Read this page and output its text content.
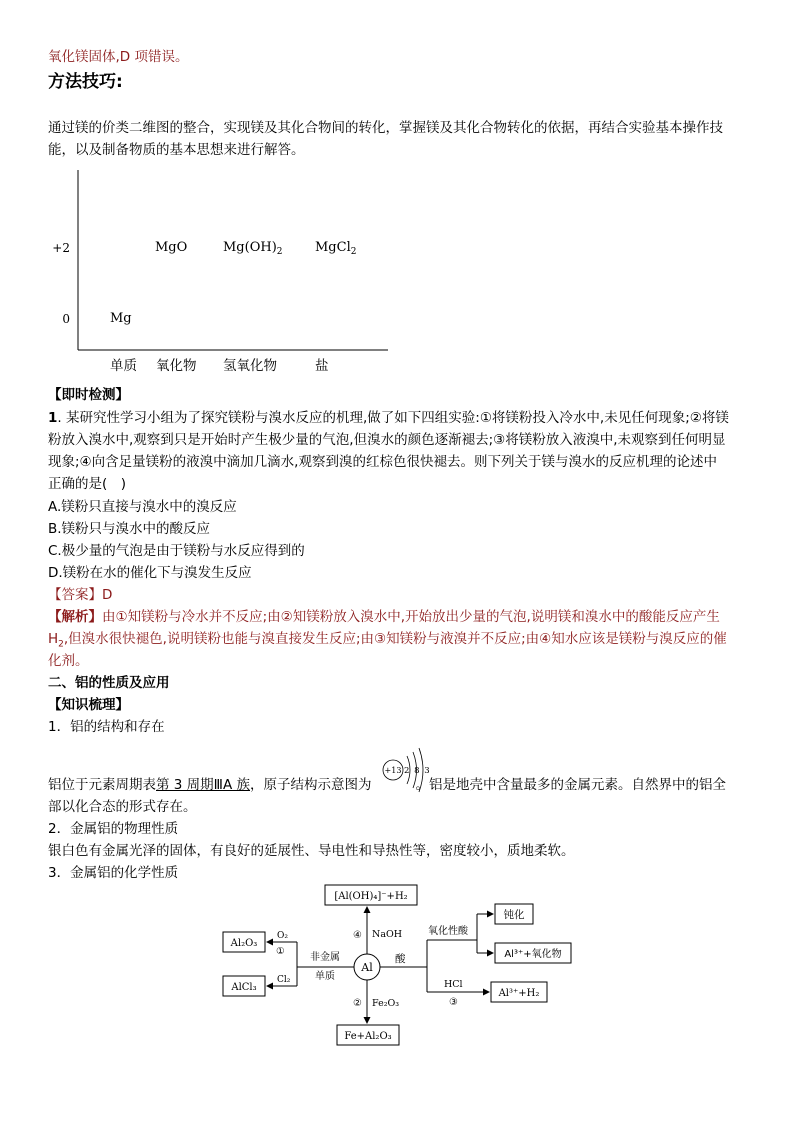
氧化镁固体,D 项错误。
方法技巧:
通过镁的价类二维图的整合，实现镁及其化合物间的转化，掌握镁及其化合物转化的依据，再结合实验基本操作技
能，以及制备物质的基本思想来进行解答。
+2
0
单质 氧化物 氢氧化物	盐
Mg
MgO	$Mg(OH)_2$ MgCl$_2$
【即时检测】
1. 某研究性学习小组为了探究镁粉与溴水反应的机理,做了如下四组实验:①将镁粉投入冷水中,未见任何现象;②将镁
粉放入溴水中,观察到只是开始时产生极少量的气泡,但溴水的颜色逐渐褪去;③将镁粉放入液溴中,未观察到任何明显
现象;④向含足量镁粉的液溴中滴加几滴水,观察到溴的红棕色很快褪去。则下列关于镁与溴水的反应机理的论述中
正确的是(　)
A.镁粉只直接与溴水中的溴反应
B.镁粉只与溴水中的酸反应
C.极少量的气泡是由于镁粉与水反应得到的
D.镁粉在水的催化下与溴发生反应
【答案】D
【解析】由①知镁粉与冷水并不反应;由②知镁粉放入溴水中,开始放出少量的气泡,说明镁和溴水中的酸能反应产生
$H_2$,但溴水很快褪色,说明镁粉也能与溴直接发生反应;由③知镁粉与液溴并不反应;由④知水应该是镁粉与溴反应的催
化剂。
二、铝的性质及应用
【知识梳理】
1．铝的结构和存在
铝位于元素周期表第 3 周期ⅢA 族，原子结构示意图为	。铝是地壳中含量最多的金属元素。自然界中的铝全
+13 2 8 3
部以化合态的形式存在。
2．金属铝的物理性质
银白色有金属光泽的固体，有良好的延展性、导电性和导热性等，密度较小，质地柔软。
3．金属铝的化学性质
Al
[Al(OH)₄]⁻+H₂
④ NaOH
Fe+Al₂O₃
② Fe₂O₃
非金属
单质
Al₂O₃
AlCl₃
O₂
①
Cl₂
酸
氧化性酸
钝化
Al³⁺+氧化物
HCl
③
Al³⁺+H₂
